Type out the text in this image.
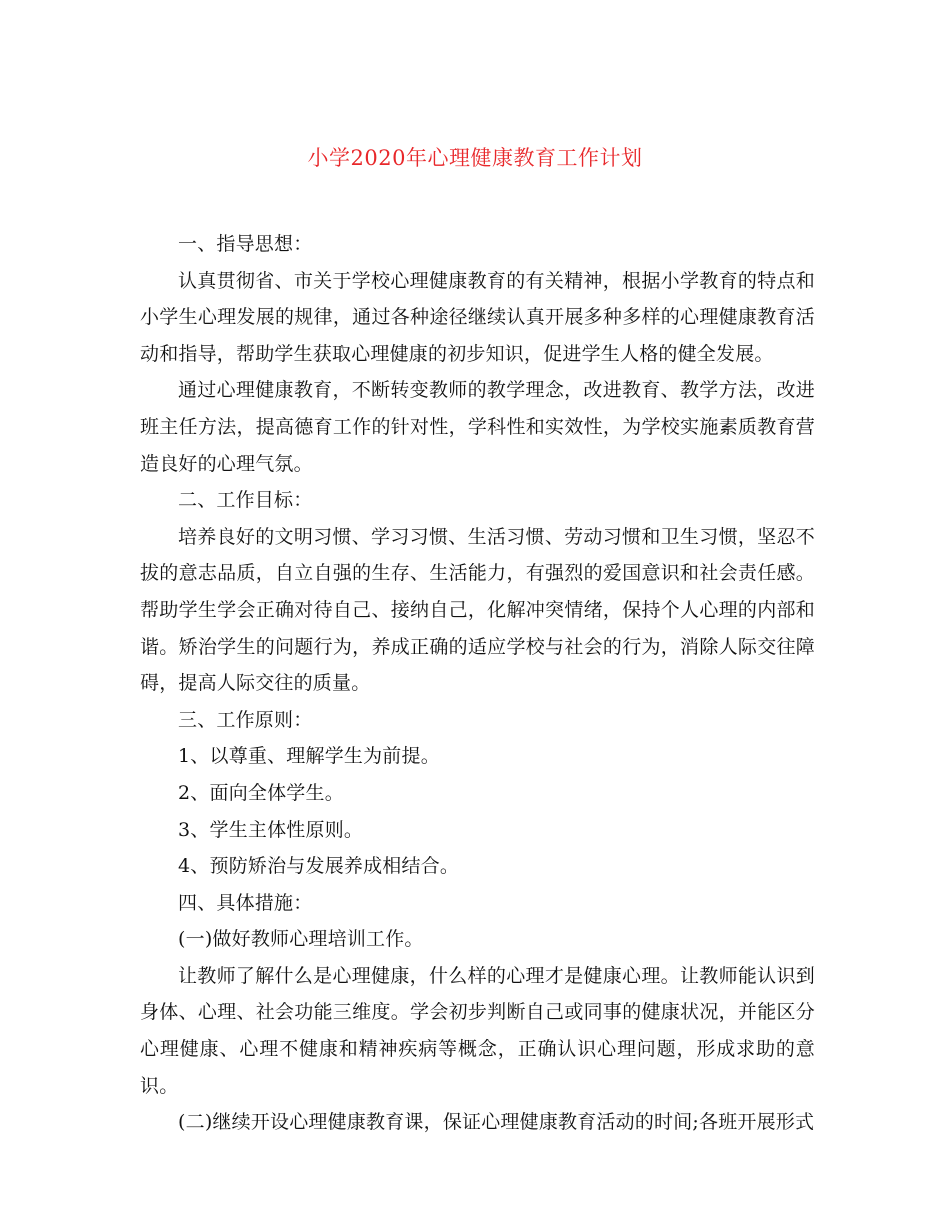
小学2020年心理健康教育工作计划

一、指导思想：

认真贯彻省、市关于学校心理健康教育的有关精神，根据小学教育的特点和小学生心理发展的规律，通过各种途径继续认真开展多种多样的心理健康教育活动和指导，帮助学生获取心理健康的初步知识，促进学生人格的健全发展。

通过心理健康教育，不断转变教师的教学理念，改进教育、教学方法，改进班主任方法，提高德育工作的针对性，学科性和实效性，为学校实施素质教育营造良好的心理气氛。

二、工作目标：

培养良好的文明习惯、学习习惯、生活习惯、劳动习惯和卫生习惯，坚忍不拔的意志品质，自立自强的生存、生活能力，有强烈的爱国意识和社会责任感。帮助学生学会正确对待自己、接纳自己，化解冲突情绪，保持个人心理的内部和谐。矫治学生的问题行为，养成正确的适应学校与社会的行为，消除人际交往障碍，提高人际交往的质量。

三、工作原则：

1、以尊重、理解学生为前提。

2、面向全体学生。

3、学生主体性原则。

4、预防矫治与发展养成相结合。

四、具体措施：

(一)做好教师心理培训工作。

让教师了解什么是心理健康，什么样的心理才是健康心理。让教师能认识到身体、心理、社会功能三维度。学会初步判断自己或同事的健康状况，并能区分心理健康、心理不健康和精神疾病等概念，正确认识心理问题，形成求助的意识。

(二)继续开设心理健康教育课，保证心理健康教育活动的时间;各班开展形式
